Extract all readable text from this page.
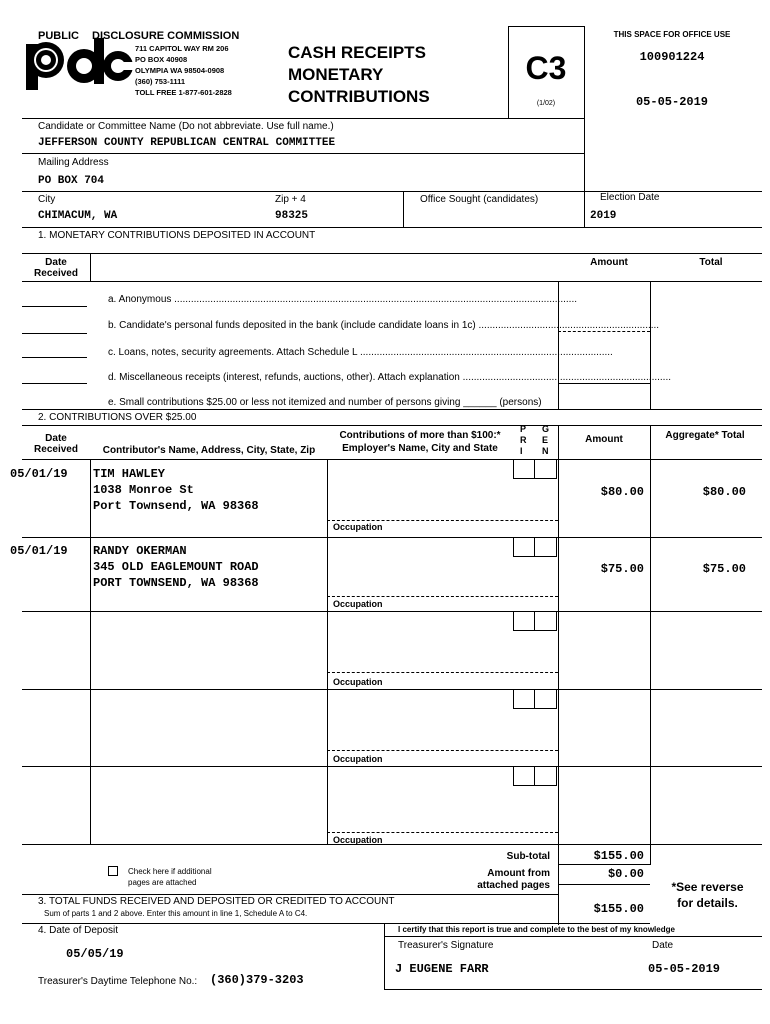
PUBLIC DISCLOSURE COMMISSION
711 CAPITOL WAY RM 206
PO BOX 40908
OLYMPIA WA 98504-0908
(360) 753-1111
TOLL FREE 1-877-601-2828
CASH RECEIPTS
MONETARY
CONTRIBUTIONS
C3
(1/02)
THIS SPACE FOR OFFICE USE
100901224
05-05-2019
Candidate or Committee Name (Do not abbreviate. Use full name.)
JEFFERSON COUNTY REPUBLICAN CENTRAL COMMITTEE
Mailing Address
PO BOX 704
City
CHIMACUM, WA
Zip + 4
98325
Office Sought (candidates)	Election Date
2019
1. MONETARY CONTRIBUTIONS DEPOSITED IN ACCOUNT
Date Received
Amount	Total
a. Anonymous .................................................................................................................................................
b. Candidate's personal funds deposited in the bank (include candidate loans in 1c) .................................................................
c. Loans, notes, security agreements. Attach Schedule L ...........................................................................................
d. Miscellaneous receipts (interest, refunds, auctions, other). Attach explanation ...........................................................................
e. Small contributions $25.00 or less not itemized and number of persons giving ______ (persons)
2. CONTRIBUTIONS OVER $25.00
Date Received	Contributor's Name, Address, City, State, Zip
Contributions of more than $100:*
Employer's Name, City and State
P R I
G E N
Amount	Aggregate* Total
Occupation
Occupation
Occupation
Occupation
Occupation
05/01/19 TIM HAWLEY
1038 Monroe St
Port Townsend, WA 98368
$80.00	$80.00
05/01/19 RANDY OKERMAN
345 OLD EAGLEMOUNT ROAD
PORT TOWNSEND, WA 98368
$75.00	$75.00
Check here if additional
pages are attached
Sub-total	$155.00
Amount from
attached pages
$0.00
3. TOTAL FUNDS RECEIVED AND DEPOSITED OR CREDITED TO ACCOUNT
Sum of parts 1 and 2 above. Enter this amount in line 1, Schedule A to C4.	$155.00
*See reverse
for details.
4. Date of Deposit
05/05/19
Treasurer's Daytime Telephone No.: (360)379-3203
I certify that this report is true and complete to the best of my knowledge
Treasurer's Signature	Date
J EUGENE FARR	05-05-2019
